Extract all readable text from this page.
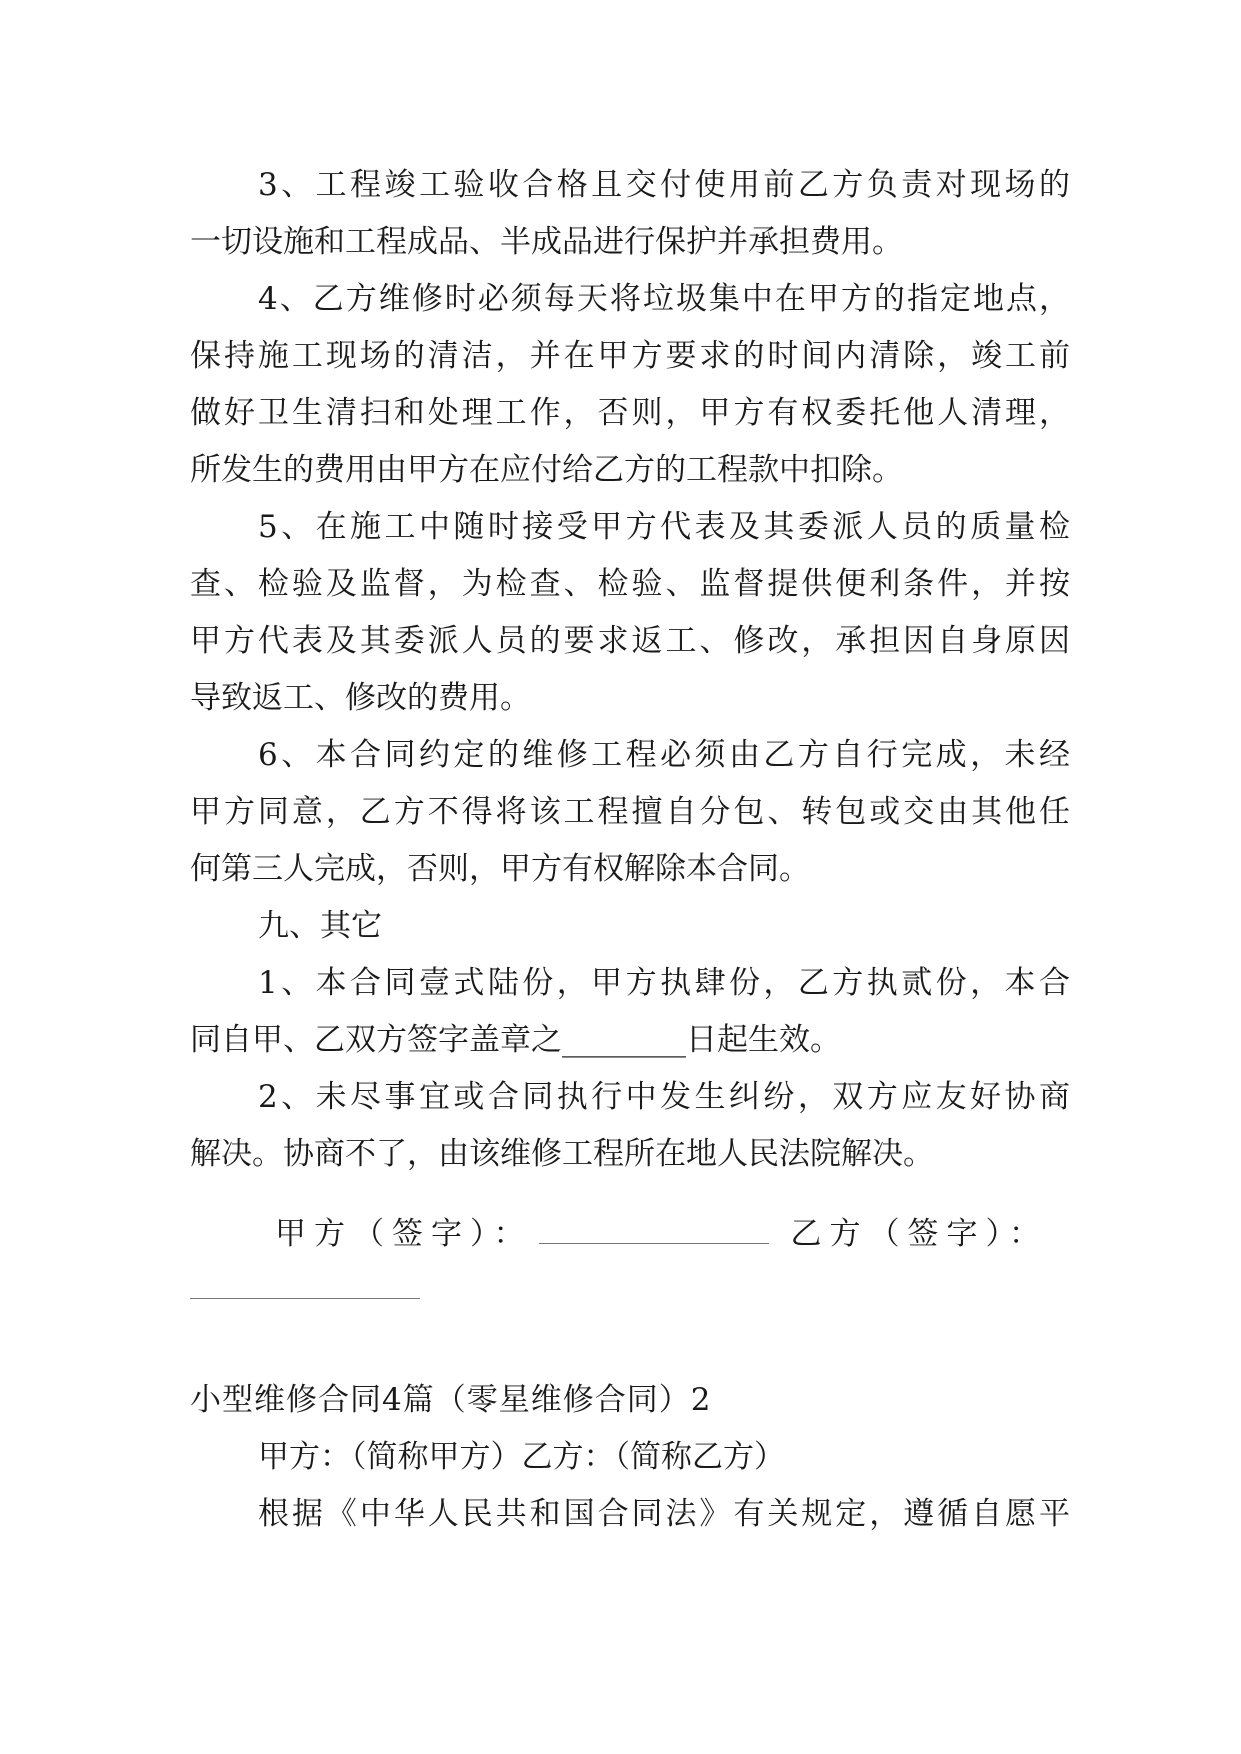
3、工程竣工验收合格且交付使用前乙方负责对现场的
一切设施和工程成品、半成品进行保护并承担费用。
4、乙方维修时必须每天将垃圾集中在甲方的指定地点，
保持施工现场的清洁，并在甲方要求的时间内清除，竣工前
做好卫生清扫和处理工作，否则，甲方有权委托他人清理，
所发生的费用由甲方在应付给乙方的工程款中扣除。
5、在施工中随时接受甲方代表及其委派人员的质量检
查、检验及监督，为检查、检验、监督提供便利条件，并按
甲方代表及其委派人员的要求返工、修改，承担因自身原因
导致返工、修改的费用。
6、本合同约定的维修工程必须由乙方自行完成，未经
甲方同意，乙方不得将该工程擅自分包、转包或交由其他任
何第三人完成，否则，甲方有权解除本合同。
九、其它
1、本合同壹式陆份，甲方执肆份，乙方执贰份，本合
同自甲、乙双方签字盖章之________日起生效。
2、未尽事宜或合同执行中发生纠纷，双方应友好协商
解决。协商不了，由该维修工程所在地人民法院解决。
甲方（签字）：	乙方（签字）：
小型维修合同4篇（零星维修合同）2
甲方：（简称甲方）乙方：（简称乙方）
根据《中华人民共和国合同法》有关规定，遵循自愿平
